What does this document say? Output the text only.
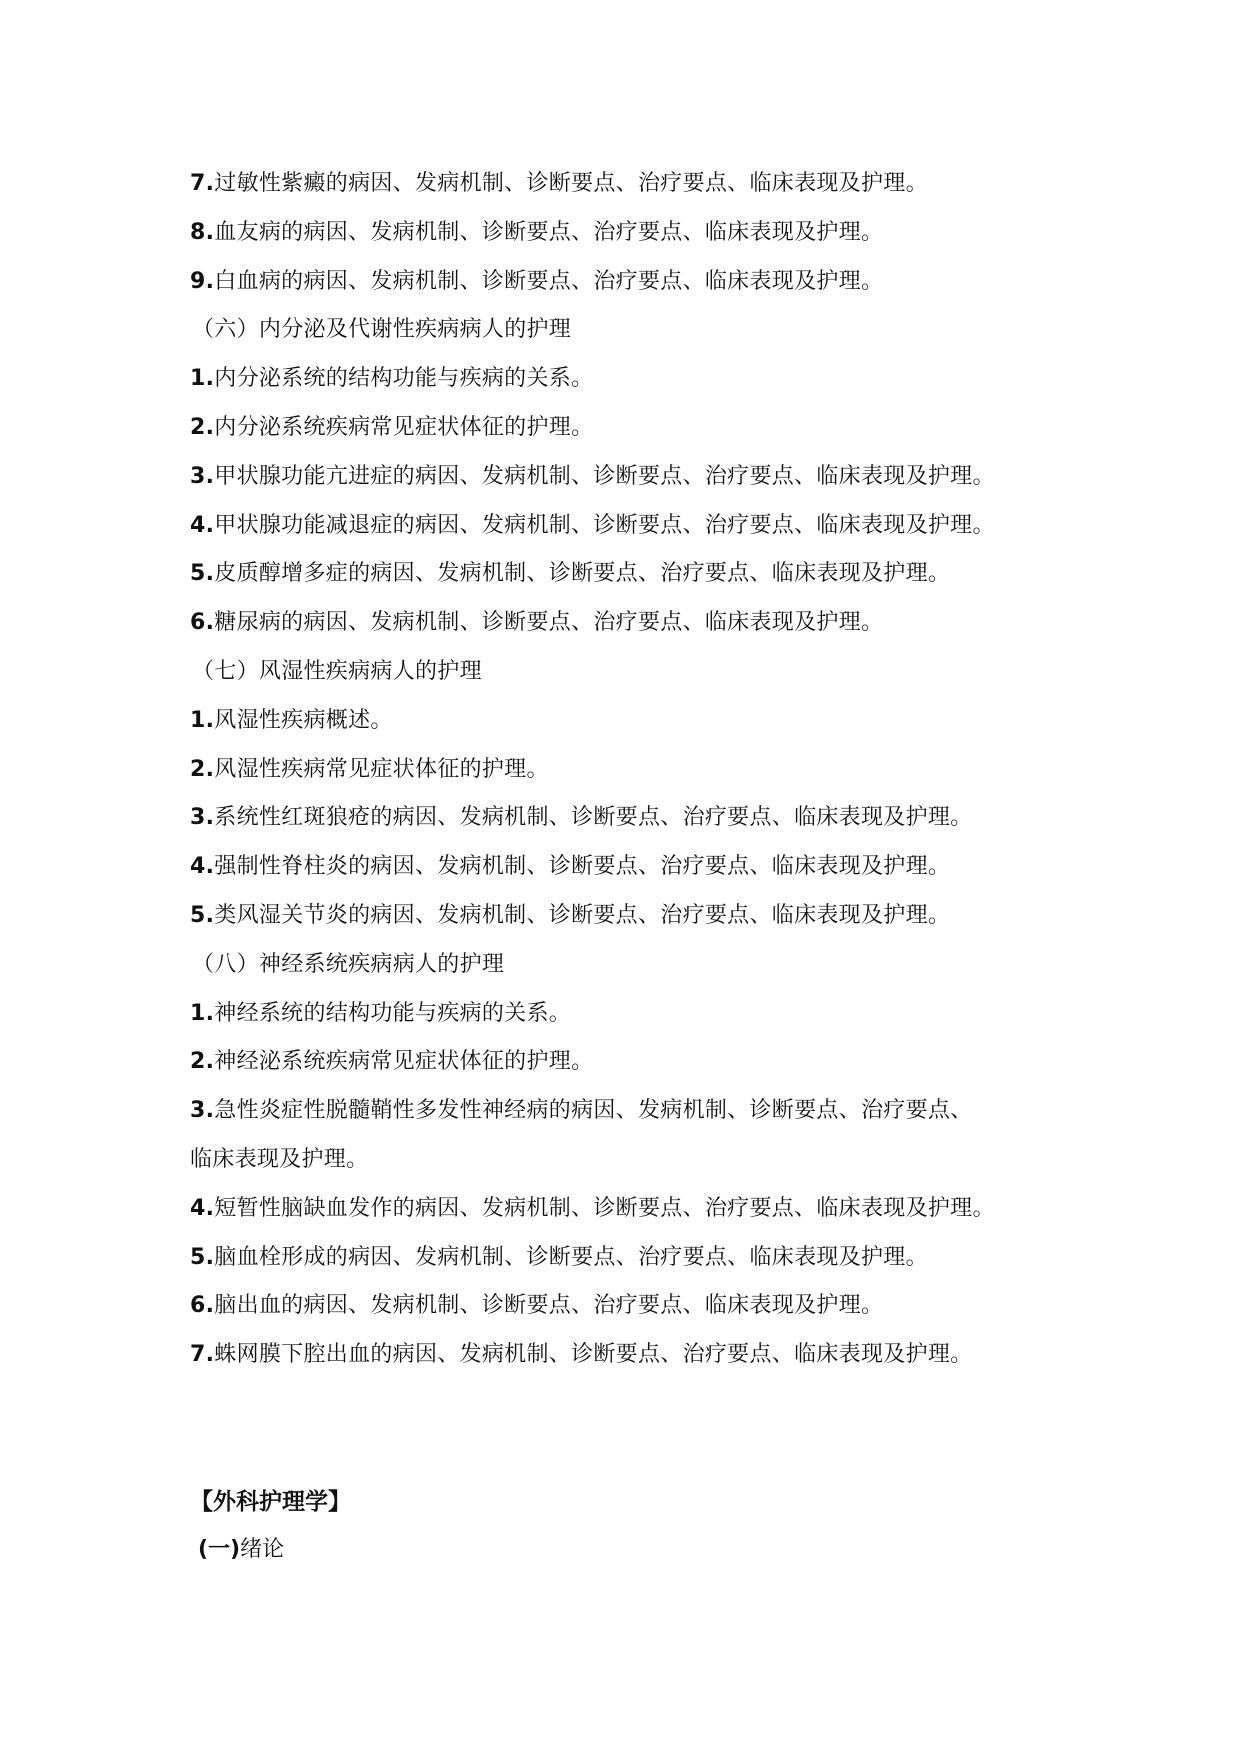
7.过敏性紫癜的病因、发病机制、诊断要点、治疗要点、临床表现及护理。
8.血友病的病因、发病机制、诊断要点、治疗要点、临床表现及护理。
9.白血病的病因、发病机制、诊断要点、治疗要点、临床表现及护理。
（六）内分泌及代谢性疾病病人的护理
1.内分泌系统的结构功能与疾病的关系。
2.内分泌系统疾病常见症状体征的护理。
3.甲状腺功能亢进症的病因、发病机制、诊断要点、治疗要点、临床表现及护理。
4.甲状腺功能减退症的病因、发病机制、诊断要点、治疗要点、临床表现及护理。
5.皮质醇增多症的病因、发病机制、诊断要点、治疗要点、临床表现及护理。
6.糖尿病的病因、发病机制、诊断要点、治疗要点、临床表现及护理。
（七）风湿性疾病病人的护理
1.风湿性疾病概述。
2.风湿性疾病常见症状体征的护理。
3.系统性红斑狼疮的病因、发病机制、诊断要点、治疗要点、临床表现及护理。
4.强制性脊柱炎的病因、发病机制、诊断要点、治疗要点、临床表现及护理。
5.类风湿关节炎的病因、发病机制、诊断要点、治疗要点、临床表现及护理。
（八）神经系统疾病病人的护理
1.神经系统的结构功能与疾病的关系。
2.神经泌系统疾病常见症状体征的护理。
3.急性炎症性脱髓鞘性多发性神经病的病因、发病机制、诊断要点、治疗要点、
临床表现及护理。
4.短暂性脑缺血发作的病因、发病机制、诊断要点、治疗要点、临床表现及护理。
5.脑血栓形成的病因、发病机制、诊断要点、治疗要点、临床表现及护理。
6.脑出血的病因、发病机制、诊断要点、治疗要点、临床表现及护理。
7.蛛网膜下腔出血的病因、发病机制、诊断要点、治疗要点、临床表现及护理。
【外科护理学】
(一)绪论
